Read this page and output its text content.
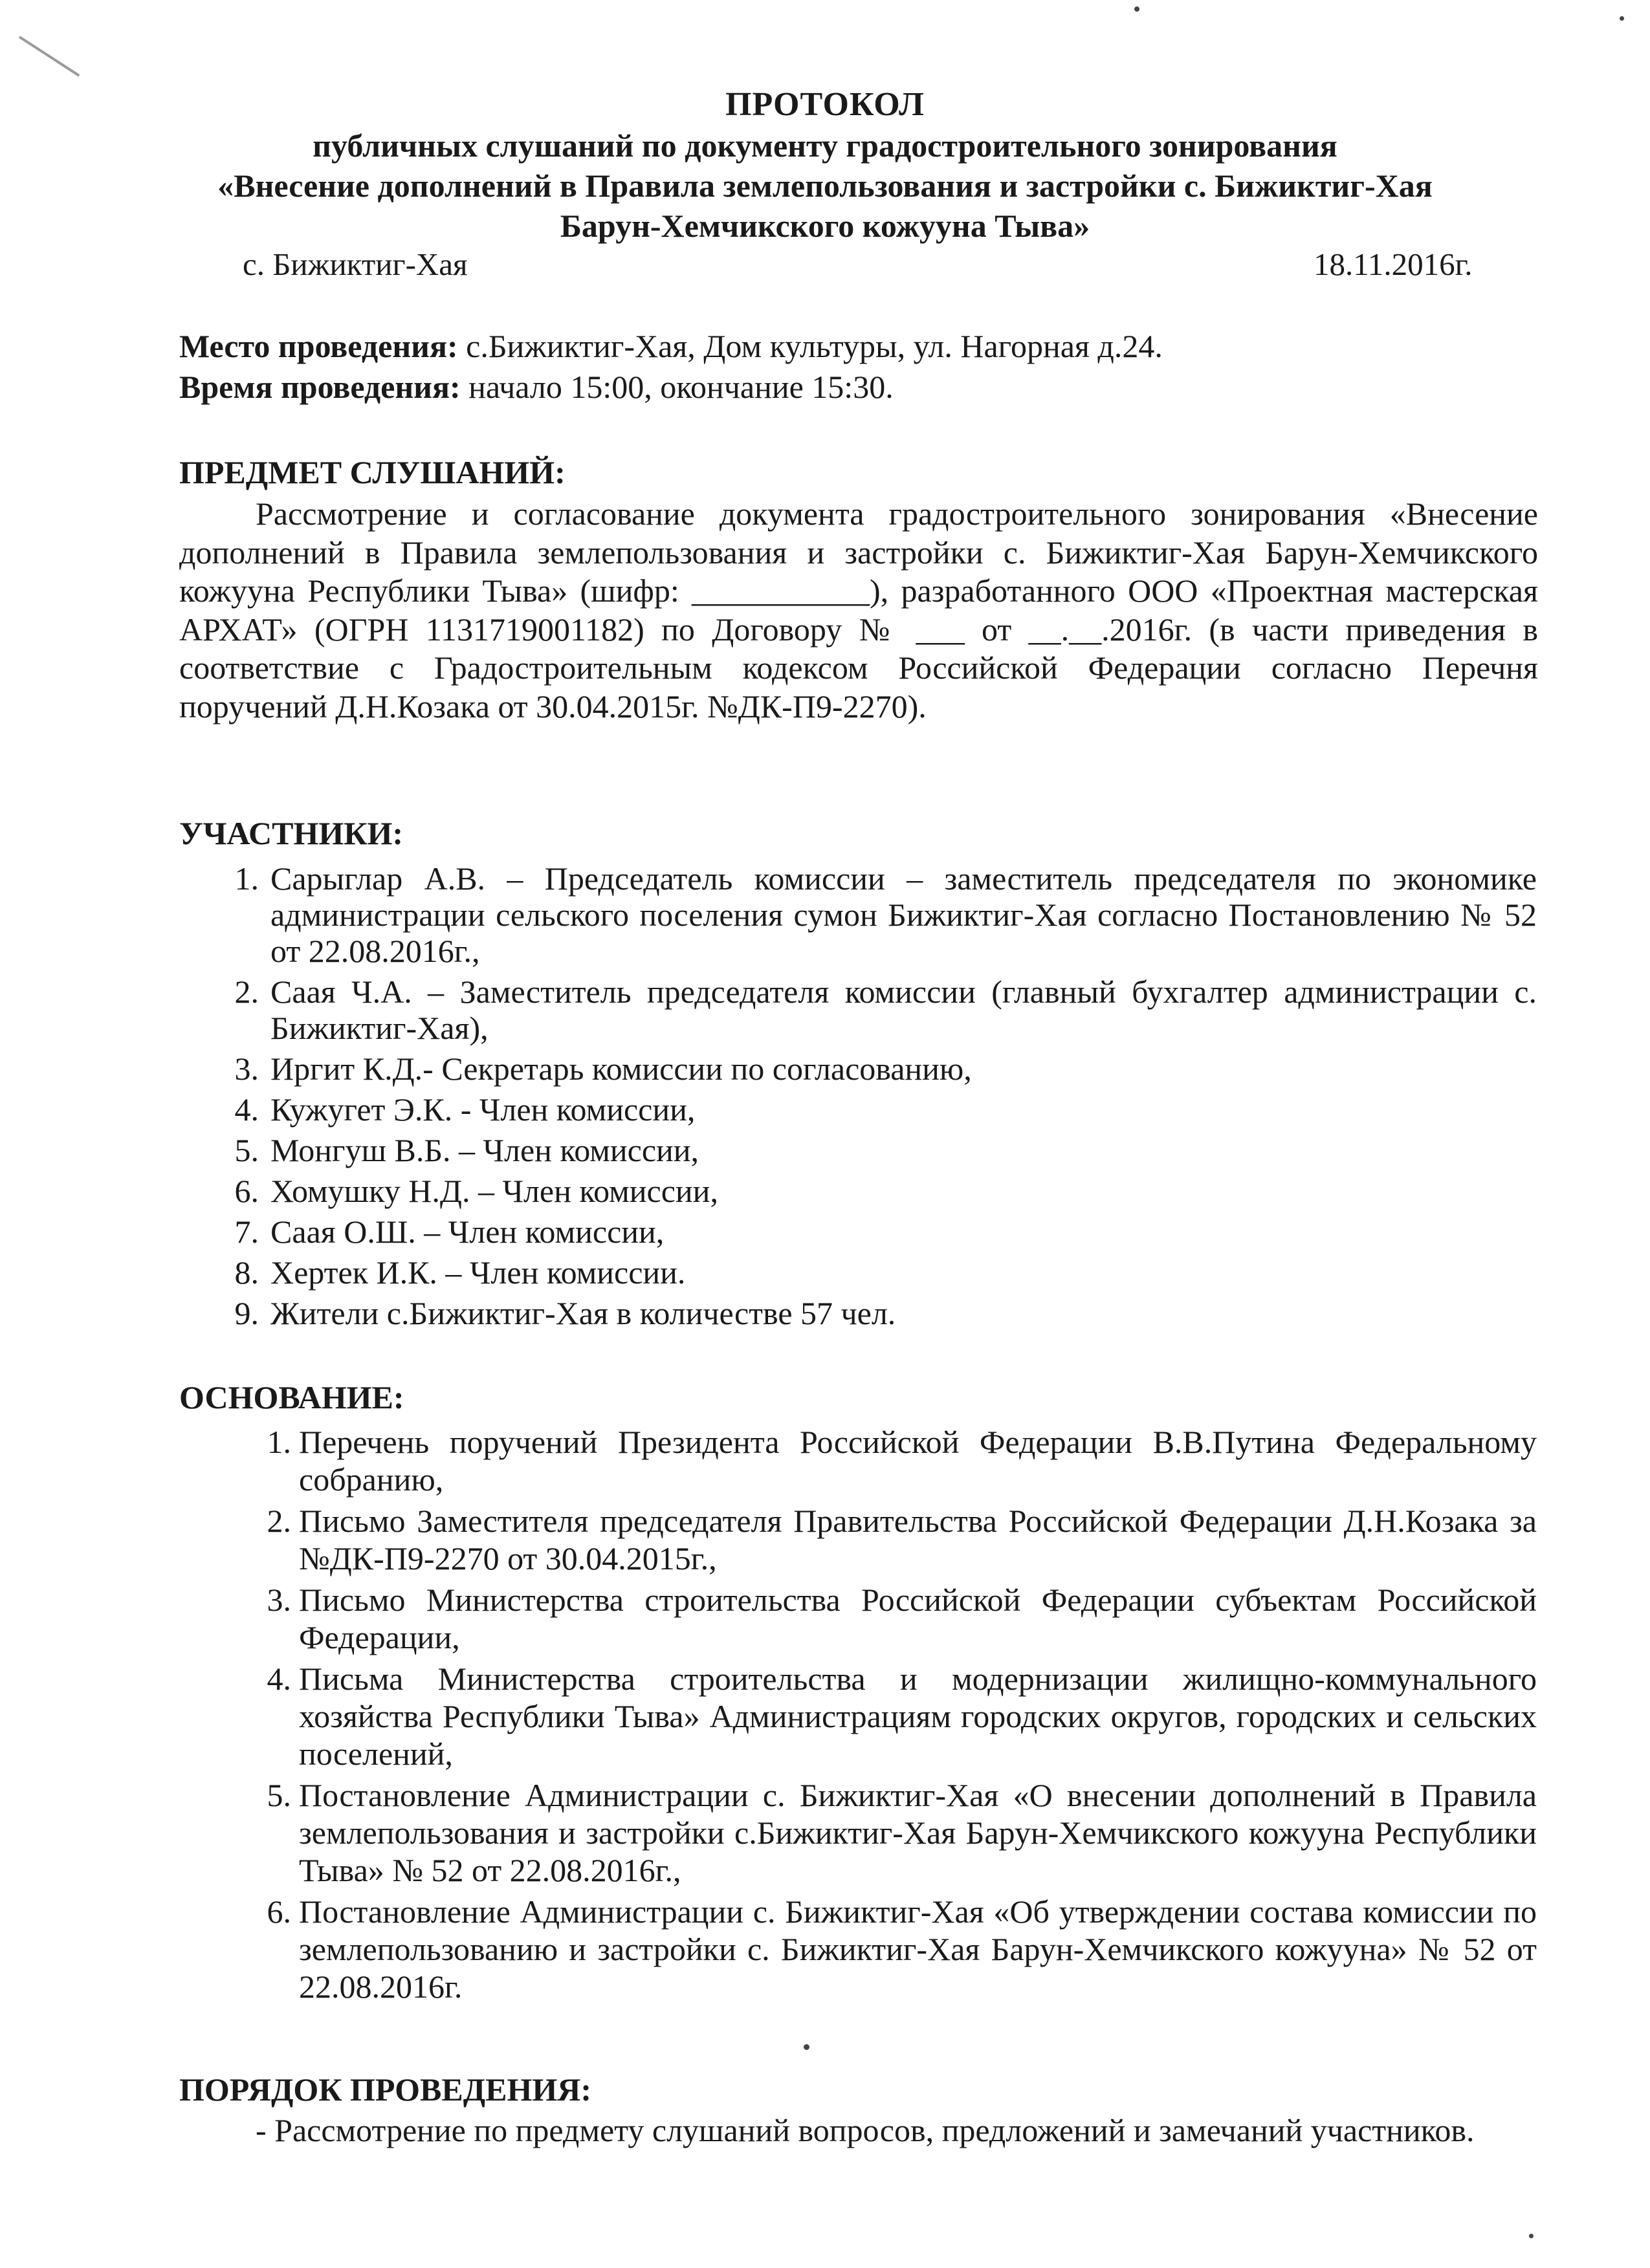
ПРОТОКОЛ
публичных слушаний по документу градостроительного зонирования
«Внесение дополнений в Правила землепользования и застройки с. Бижиктиг-Хая
Барун-Хемчикского кожууна Тыва»
с. Бижиктиг-Хая	18.11.2016г.
Место проведения: с.Бижиктиг-Хая, Дом культуры, ул. Нагорная д.24.
Время проведения: начало 15:00, окончание 15:30.
ПРЕДМЕТ СЛУШАНИЙ:
Рассмотрение и согласование документа градостроительного зонирования «Внесение дополнений в Правила землепользования и застройки с. Бижиктиг-Хая Барун-Хемчикского кожууна Республики Тыва» (шифр: ___________), разработанного ООО «Проектная мастерская АРХАТ» (ОГРН 1131719001182) по Договору № ___ от __.__.2016г. (в части приведения в соответствие с Градостроительным кодексом Российской Федерации согласно Перечня поручений Д.Н.Козака от 30.04.2015г. №ДК-П9-2270).
УЧАСТНИКИ:
1. Сарыглар А.В. – Председатель комиссии – заместитель председателя по экономике администрации сельского поселения сумон Бижиктиг-Хая согласно Постановлению № 52 от 22.08.2016г.,
2. Саая Ч.А. – Заместитель председателя комиссии (главный бухгалтер администрации с. Бижиктиг-Хая),
3. Иргит К.Д.- Секретарь комиссии по согласованию,
4. Кужугет Э.К. - Член комиссии,
5. Монгуш В.Б. – Член комиссии,
6. Хомушку Н.Д. – Член комиссии,
7. Саая О.Ш. – Член комиссии,
8. Хертек И.К. – Член комиссии.
9. Жители с.Бижиктиг-Хая в количестве 57 чел.
ОСНОВАНИЕ:
1. Перечень поручений Президента Российской Федерации В.В.Путина Федеральному собранию,
2. Письмо Заместителя председателя Правительства Российской Федерации Д.Н.Козака за №ДК-П9-2270 от 30.04.2015г.,
3. Письмо Министерства строительства Российской Федерации субъектам Российской Федерации,
4. Письма Министерства строительства и модернизации жилищно-коммунального хозяйства Республики Тыва» Администрациям городских округов, городских и сельских поселений,
5. Постановление Администрации с. Бижиктиг-Хая «О внесении дополнений в Правила землепользования и застройки с.Бижиктиг-Хая Барун-Хемчикского кожууна Республики Тыва» № 52 от 22.08.2016г.,
6. Постановление Администрации с. Бижиктиг-Хая «Об утверждении состава комиссии по землепользованию и застройки с. Бижиктиг-Хая Барун-Хемчикского кожууна» № 52 от 22.08.2016г.
ПОРЯДОК ПРОВЕДЕНИЯ:
- Рассмотрение по предмету слушаний вопросов, предложений и замечаний участников.
